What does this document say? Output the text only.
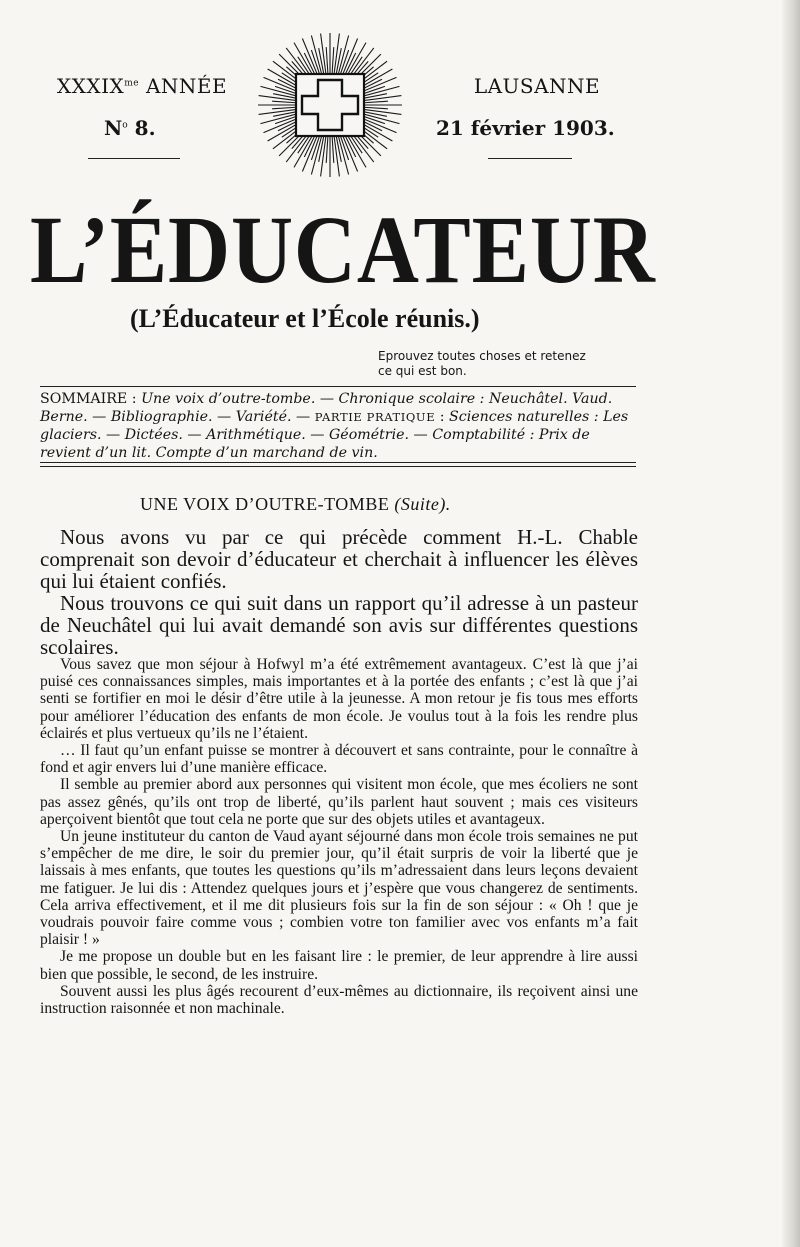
$XXXIX^{me}$ ANNÉE
$N^o$ 8.
LAUSANNE
21 février 1903.
L’ÉDUCATEUR
(L’Éducateur et l’École réunis.)
Eprouvez toutes choses et retenez
ce qui est bon.
SOMMAIRE : Une voix d’outre-tombe. — Chronique scolaire : Neuchâtel. Vaud. Berne. — Bibliographie. — Variété. — PARTIE PRATIQUE : Sciences naturelles : Les glaciers. — Dictées. — Arithmétique. — Géométrie. — Comptabilité : Prix de revient d’un lit. Compte d’un marchand de vin.
UNE VOIX D’OUTRE-TOMBE (Suite).

Nous avons vu par ce qui précède comment H.-L. Chable comprenait son devoir d’éducateur et cherchait à influencer les élèves qui lui étaient confiés.

Nous trouvons ce qui suit dans un rapport qu’il adresse à un pasteur de Neuchâtel qui lui avait demandé son avis sur différentes questions scolaires.

Vous savez que mon séjour à Hofwyl m’a été extrêmement avantageux. C’est là que j’ai puisé ces connaissances simples, mais importantes et à la portée des enfants ; c’est là que j’ai senti se fortifier en moi le désir d’être utile à la jeunesse. A mon retour je fis tous mes efforts pour améliorer l’éducation des enfants de mon école. Je voulus tout à la fois les rendre plus éclairés et plus vertueux qu’ils ne l’étaient.

… Il faut qu’un enfant puisse se montrer à découvert et sans contrainte, pour le connaître à fond et agir envers lui d’une manière efficace.

Il semble au premier abord aux personnes qui visitent mon école, que mes écoliers ne sont pas assez gênés, qu’ils ont trop de liberté, qu’ils parlent haut souvent ; mais ces visiteurs aperçoivent bientôt que tout cela ne porte que sur des objets utiles et avantageux.

Un jeune instituteur du canton de Vaud ayant séjourné dans mon école trois semaines ne put s’empêcher de me dire, le soir du premier jour, qu’il était surpris de voir la liberté que je laissais à mes enfants, que toutes les questions qu’ils m’adressaient dans leurs leçons devaient me fatiguer. Je lui dis : Attendez quelques jours et j’espère que vous changerez de sentiments. Cela arriva effectivement, et il me dit plusieurs fois sur la fin de son séjour : « Oh ! que je voudrais pouvoir faire comme vous ; combien votre ton familier avec vos enfants m’a fait plaisir ! »

Je me propose un double but en les faisant lire : le premier, de leur apprendre à lire aussi bien que possible, le second, de les instruire.

Souvent aussi les plus âgés recourent d’eux-mêmes au dictionnaire, ils reçoivent ainsi une instruction raisonnée et non machinale.
